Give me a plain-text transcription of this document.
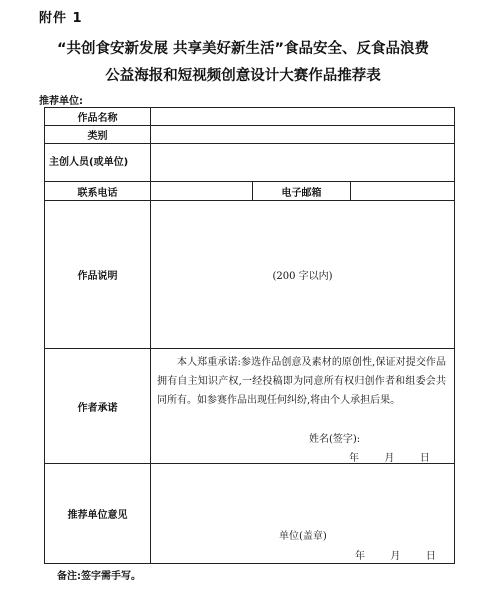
附件 1
“共创食安新发展 共享美好新生活”食品安全、反食品浪费
公益海报和短视频创意设计大赛作品推荐表
推荐单位:
作品名称			
类别			
主创人员(或单位)			
联系电话		电子邮箱	
作品说明	(200 字以内)		
作者承诺	本人郑重承诺:参选作品创意及素材的原创性,保证对提交作品拥有自主知识产权,一经投稿即为同意所有权归创作者和组委会共同所有。如参赛作品出现任何纠纷,将由个人承担后果。
姓名(签字):
年        月        日		

推荐单位意见	单位(盖章)
年        月        日		
备注:签字需手写。
